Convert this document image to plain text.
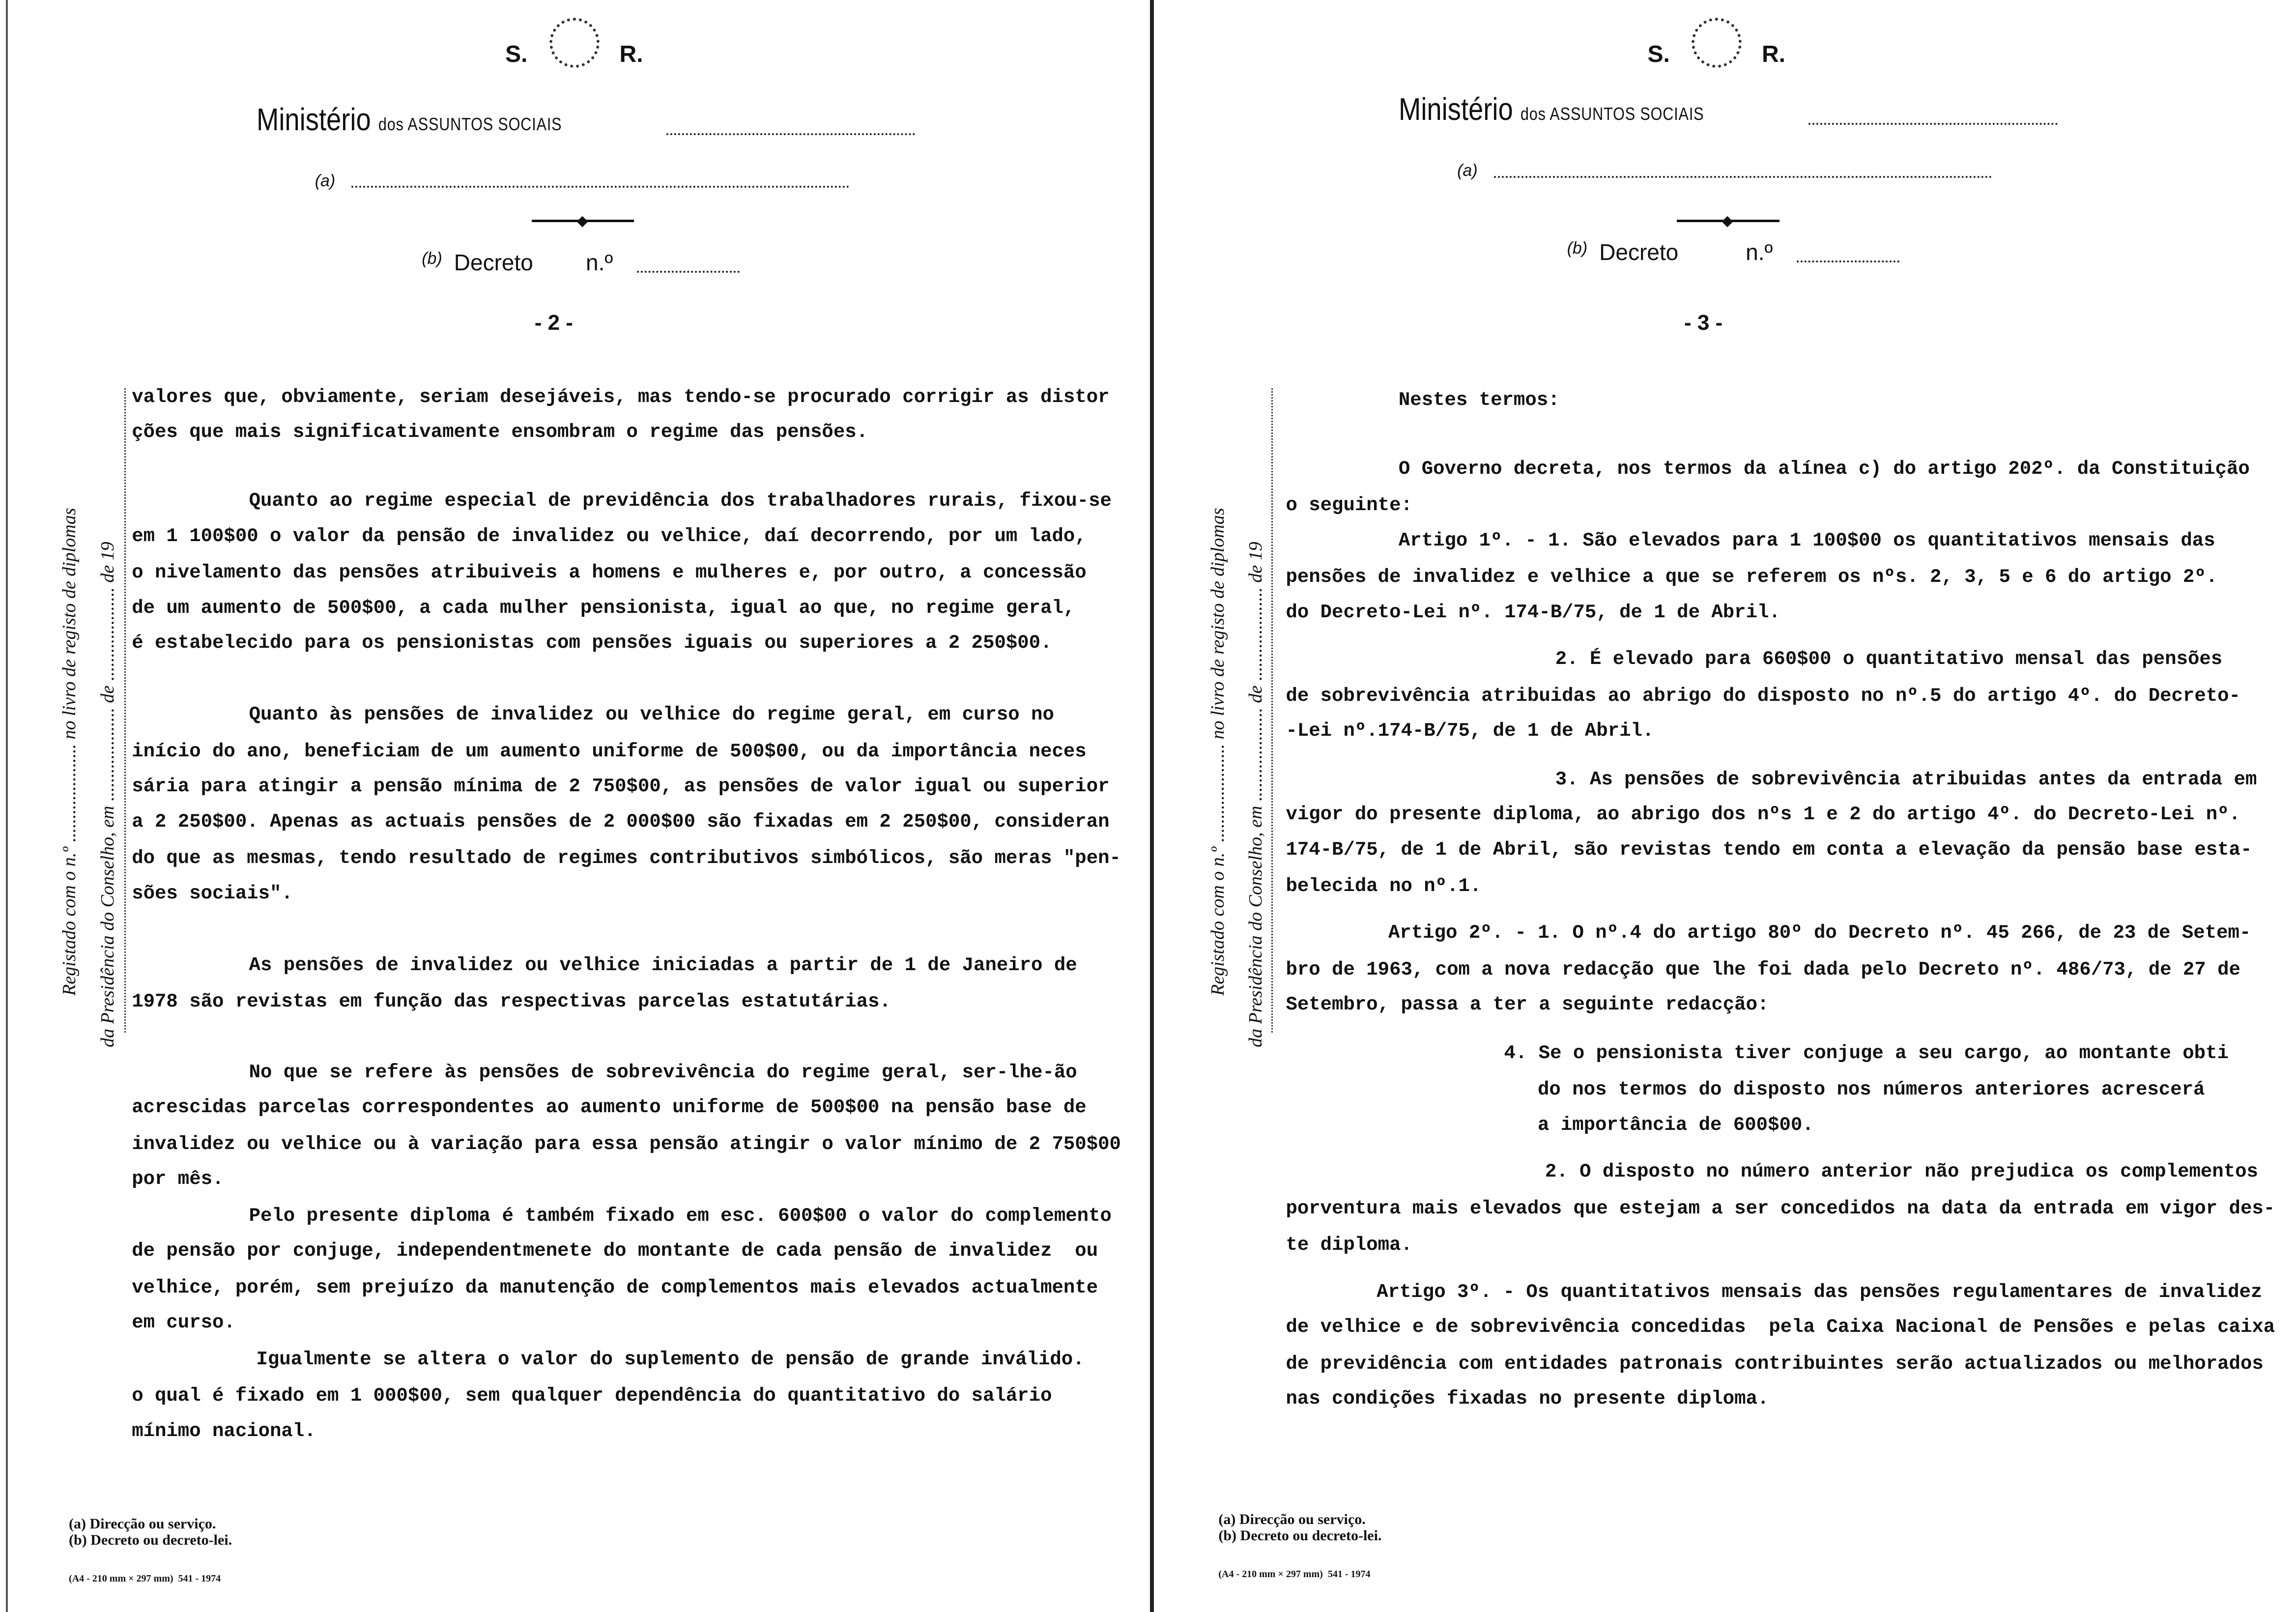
S.	R.
Ministério dos ASSUNTOS SOCIAIS
(a)
(b) Decreto n.º
- 2 -
Registado com o n.º ..................... no livro de registo de diplomas da Presidência do Conselho, em .................... de .................... de 19
(a) Direcção ou serviço.
(b) Decreto ou decreto-lei.
(A4 - 210 mm × 297 mm)  541 - 1974
valores que, obviamente, seriam desejáveis, mas tendo-se procurado corrigir as distor
ções que mais significativamente ensombram o regime das pensões.
Quanto ao regime especial de previdência dos trabalhadores rurais, fixou-se
em 1 100$00 o valor da pensão de invalidez ou velhice, daí decorrendo, por um lado,
o nivelamento das pensões atribuiveis a homens e mulheres e, por outro, a concessão
de um aumento de 500$00, a cada mulher pensionista, igual ao que, no regime geral,
é estabelecido para os pensionistas com pensões iguais ou superiores a 2 250$00.
Quanto às pensões de invalidez ou velhice do regime geral, em curso no
início do ano, beneficiam de um aumento uniforme de 500$00, ou da importância neces
sária para atingir a pensão mínima de 2 750$00, as pensões de valor igual ou superior
a 2 250$00. Apenas as actuais pensões de 2 000$00 são fixadas em 2 250$00, consideran
do que as mesmas, tendo resultado de regimes contributivos simbólicos, são meras "pen-
sões sociais".
As pensões de invalidez ou velhice iniciadas a partir de 1 de Janeiro de
1978 são revistas em função das respectivas parcelas estatutárias.
No que se refere às pensões de sobrevivência do regime geral, ser-lhe-ão
acrescidas parcelas correspondentes ao aumento uniforme de 500$00 na pensão base de
invalidez ou velhice ou à variação para essa pensão atingir o valor mínimo de 2 750$00
por mês.
Pelo presente diploma é também fixado em esc. 600$00 o valor do complemento
de pensão por conjuge, independentmenete do montante de cada pensão de invalidez  ou
velhice, porém, sem prejuízo da manutenção de complementos mais elevados actualmente
em curso.
Igualmente se altera o valor do suplemento de pensão de grande inválido.
o qual é fixado em 1 000$00, sem qualquer dependência do quantitativo do salário
mínimo nacional.
S.	R.
Ministério dos ASSUNTOS SOCIAIS
(a)
(b) Decreto	n.º
- 3 -
Registado com o n.º ..................... no livro de registo de diplomas da Presidência do Conselho, em .................... de .................... de 19
(a) Direcção ou serviço.
(b) Decreto ou decreto-lei.
(A4 - 210 mm × 297 mm)  541 - 1974
Nestes termos:
O Governo decreta, nos termos da alínea c) do artigo 202º. da Constituição
o seguinte:
Artigo 1º. - 1. São elevados para 1 100$00 os quantitativos mensais das
pensões de invalidez e velhice a que se referem os nºs. 2, 3, 5 e 6 do artigo 2º.
do Decreto-Lei nº. 174-B/75, de 1 de Abril.
2. É elevado para 660$00 o quantitativo mensal das pensões
de sobrevivência atribuidas ao abrigo do disposto no nº.5 do artigo 4º. do Decreto-
-Lei nº.174-B/75, de 1 de Abril.
3. As pensões de sobrevivência atribuidas antes da entrada em
vigor do presente diploma, ao abrigo dos nºs 1 e 2 do artigo 4º. do Decreto-Lei nº.
174-B/75, de 1 de Abril, são revistas tendo em conta a elevação da pensão base esta-
belecida no nº.1.
Artigo 2º. - 1. O nº.4 do artigo 80º do Decreto nº. 45 266, de 23 de Setem-
bro de 1963, com a nova redacção que lhe foi dada pelo Decreto nº. 486/73, de 27 de
Setembro, passa a ter a seguinte redacção:
4. Se o pensionista tiver conjuge a seu cargo, ao montante obti
do nos termos do disposto nos números anteriores acrescerá
a importância de 600$00.
2. O disposto no número anterior não prejudica os complementos
porventura mais elevados que estejam a ser concedidos na data da entrada em vigor des-
te diploma.
Artigo 3º. - Os quantitativos mensais das pensões regulamentares de invalidez
de velhice e de sobrevivência concedidas  pela Caixa Nacional de Pensões e pelas caixa
de previdência com entidades patronais contribuintes serão actualizados ou melhorados
nas condições fixadas no presente diploma.
